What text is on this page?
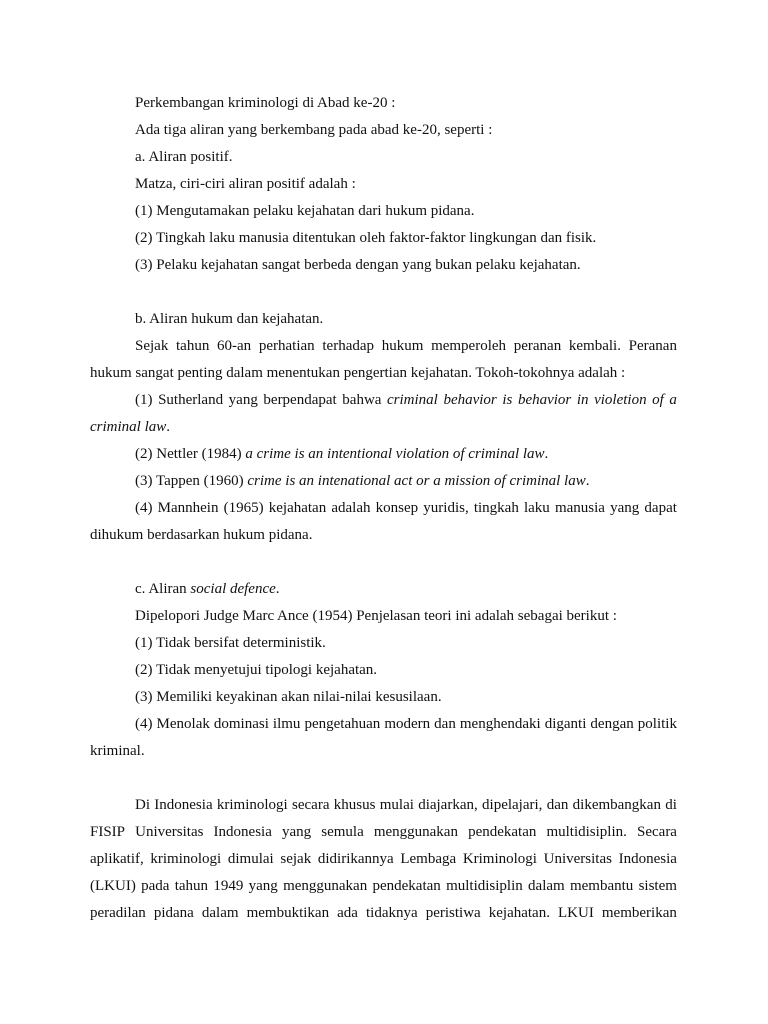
Perkembangan kriminologi di Abad ke-20 :
Ada tiga aliran yang berkembang pada abad ke-20, seperti :
a. Aliran positif.
Matza, ciri-ciri aliran positif adalah :
(1) Mengutamakan pelaku kejahatan dari hukum pidana.
(2) Tingkah laku manusia ditentukan oleh faktor-faktor lingkungan dan fisik.
(3) Pelaku kejahatan sangat berbeda dengan yang bukan pelaku kejahatan.
b. Aliran hukum dan kejahatan.
Sejak tahun 60-an perhatian terhadap hukum memperoleh peranan kembali. Peranan
hukum sangat penting dalam menentukan pengertian kejahatan. Tokoh-tokohnya adalah :
(1) Sutherland yang berpendapat bahwa criminal behavior is behavior in violetion of a
criminal law.
(2) Nettler (1984) a crime is an intentional violation of criminal law.
(3) Tappen (1960) crime is an intenational act or a mission of criminal law.
(4) Mannhein (1965) kejahatan adalah konsep yuridis, tingkah laku manusia yang dapat
dihukum berdasarkan hukum pidana.
c. Aliran social defence.
Dipelopori Judge Marc Ance (1954) Penjelasan teori ini adalah sebagai berikut :
(1) Tidak bersifat deterministik.
(2) Tidak menyetujui tipologi kejahatan.
(3) Memiliki keyakinan akan nilai-nilai kesusilaan.
(4) Menolak dominasi ilmu pengetahuan modern dan menghendaki diganti dengan politik
kriminal.
Di Indonesia kriminologi secara khusus mulai diajarkan, dipelajari, dan dikembangkan di
FISIP Universitas Indonesia yang semula menggunakan pendekatan multidisiplin. Secara
aplikatif, kriminologi dimulai sejak didirikannya Lembaga Kriminologi Universitas Indonesia
(LKUI) pada tahun 1949 yang menggunakan pendekatan multidisiplin dalam membantu sistem
peradilan pidana dalam membuktikan ada tidaknya peristiwa kejahatan. LKUI memberikan
